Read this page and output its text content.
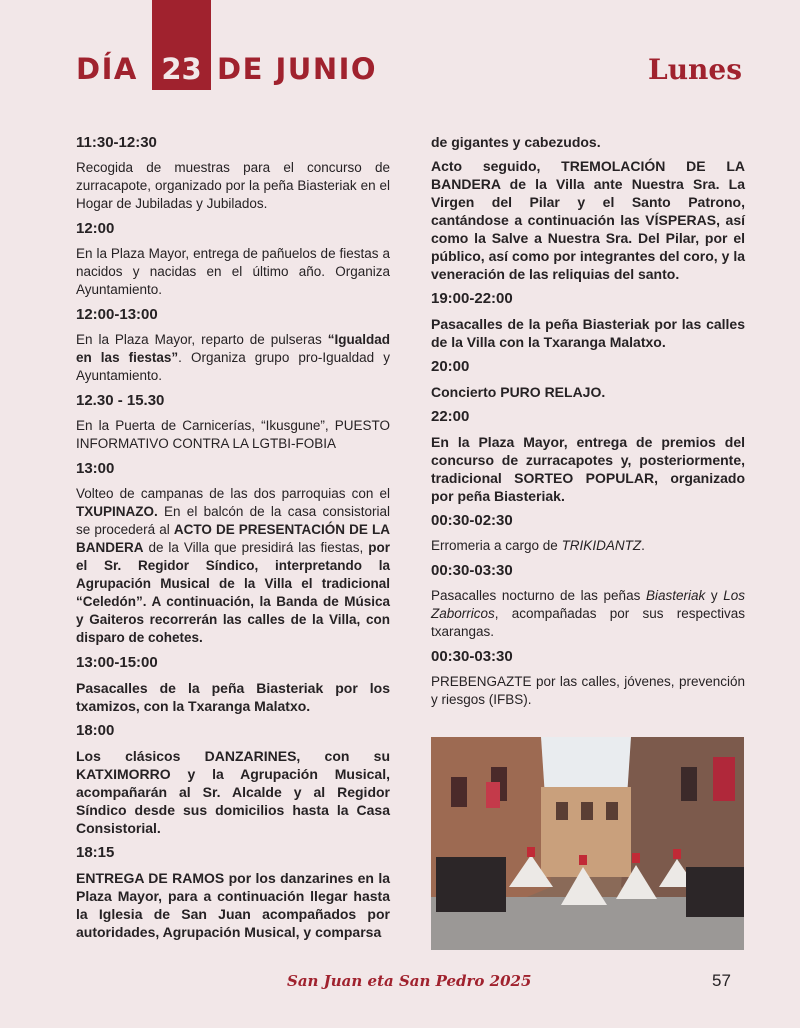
DÍA 23 DE JUNIO	Lunes
11:30-12:30
Recogida de muestras para el concurso de zurracapote, organizado por la peña Biasteriak en el Hogar de Jubiladas y Jubilados.
12:00
En la Plaza Mayor, entrega de pañuelos de fiestas a nacidos y nacidas en el último año. Organiza Ayuntamiento.
12:00-13:00
En la Plaza Mayor, reparto de pulseras “Igualdad en las fiestas”. Organiza grupo pro-Igualdad y Ayuntamiento.
12.30 - 15.30
En la Puerta de Carnicerías, “Ikusgune”, PUESTO INFORMATIVO CONTRA LA LGTBI-FOBIA
13:00
Volteo de campanas de las dos parroquias con el TXUPINAZO. En el balcón de la casa consistorial se procederá al ACTO DE PRESENTACIÓN DE LA BANDERA de la Villa que presidirá las fiestas, por el Sr. Regidor Síndico, interpretando la Agrupación Musical de la Villa el tradicional “Celedón”. A continuación, la Banda de Música y Gaiteros recorrerán las calles de la Villa, con disparo de cohetes.
13:00-15:00
Pasacalles de la peña Biasteriak por los txamizos, con la Txaranga Malatxo.
18:00
Los clásicos DANZARINES, con su KATXIMORRO y la Agrupación Musical, acompañarán al Sr. Alcalde y al Regidor Síndico desde sus domicilios hasta la Casa Consistorial.
18:15
ENTREGA DE RAMOS por los danzarines en la Plaza Mayor, para a continuación llegar hasta la Iglesia de San Juan acompañados por autoridades, Agrupación Musical, y comparsa
de gigantes y cabezudos.
Acto seguido, TREMOLACIÓN DE LA BANDERA de la Villa ante Nuestra Sra. La Virgen del Pilar y el Santo Patrono, cantándose a continuación las VÍSPERAS, así como la Salve a Nuestra Sra. Del Pilar, por el público, así como por integrantes del coro, y la veneración de las reliquias del santo.
19:00-22:00
Pasacalles de la peña Biasteriak por las calles de la Villa con la Txaranga Malatxo.
20:00
Concierto PURO RELAJO.
22:00
En la Plaza Mayor, entrega de premios del concurso de zurracapotes y, posteriormente, tradicional SORTEO POPULAR, organizado por peña Biasteriak.
00:30-02:30
Erromeria a cargo de TRIKIDANTZ.
00:30-03:30
Pasacalles nocturno de las peñas Biasteriak y Los Zaborricos, acompañadas por sus respectivas txarangas.
00:30-03:30
PREBENGAZTE por las calles, jóvenes, prevención y riesgos (IFBS).
San Juan eta San Pedro 2025	57
